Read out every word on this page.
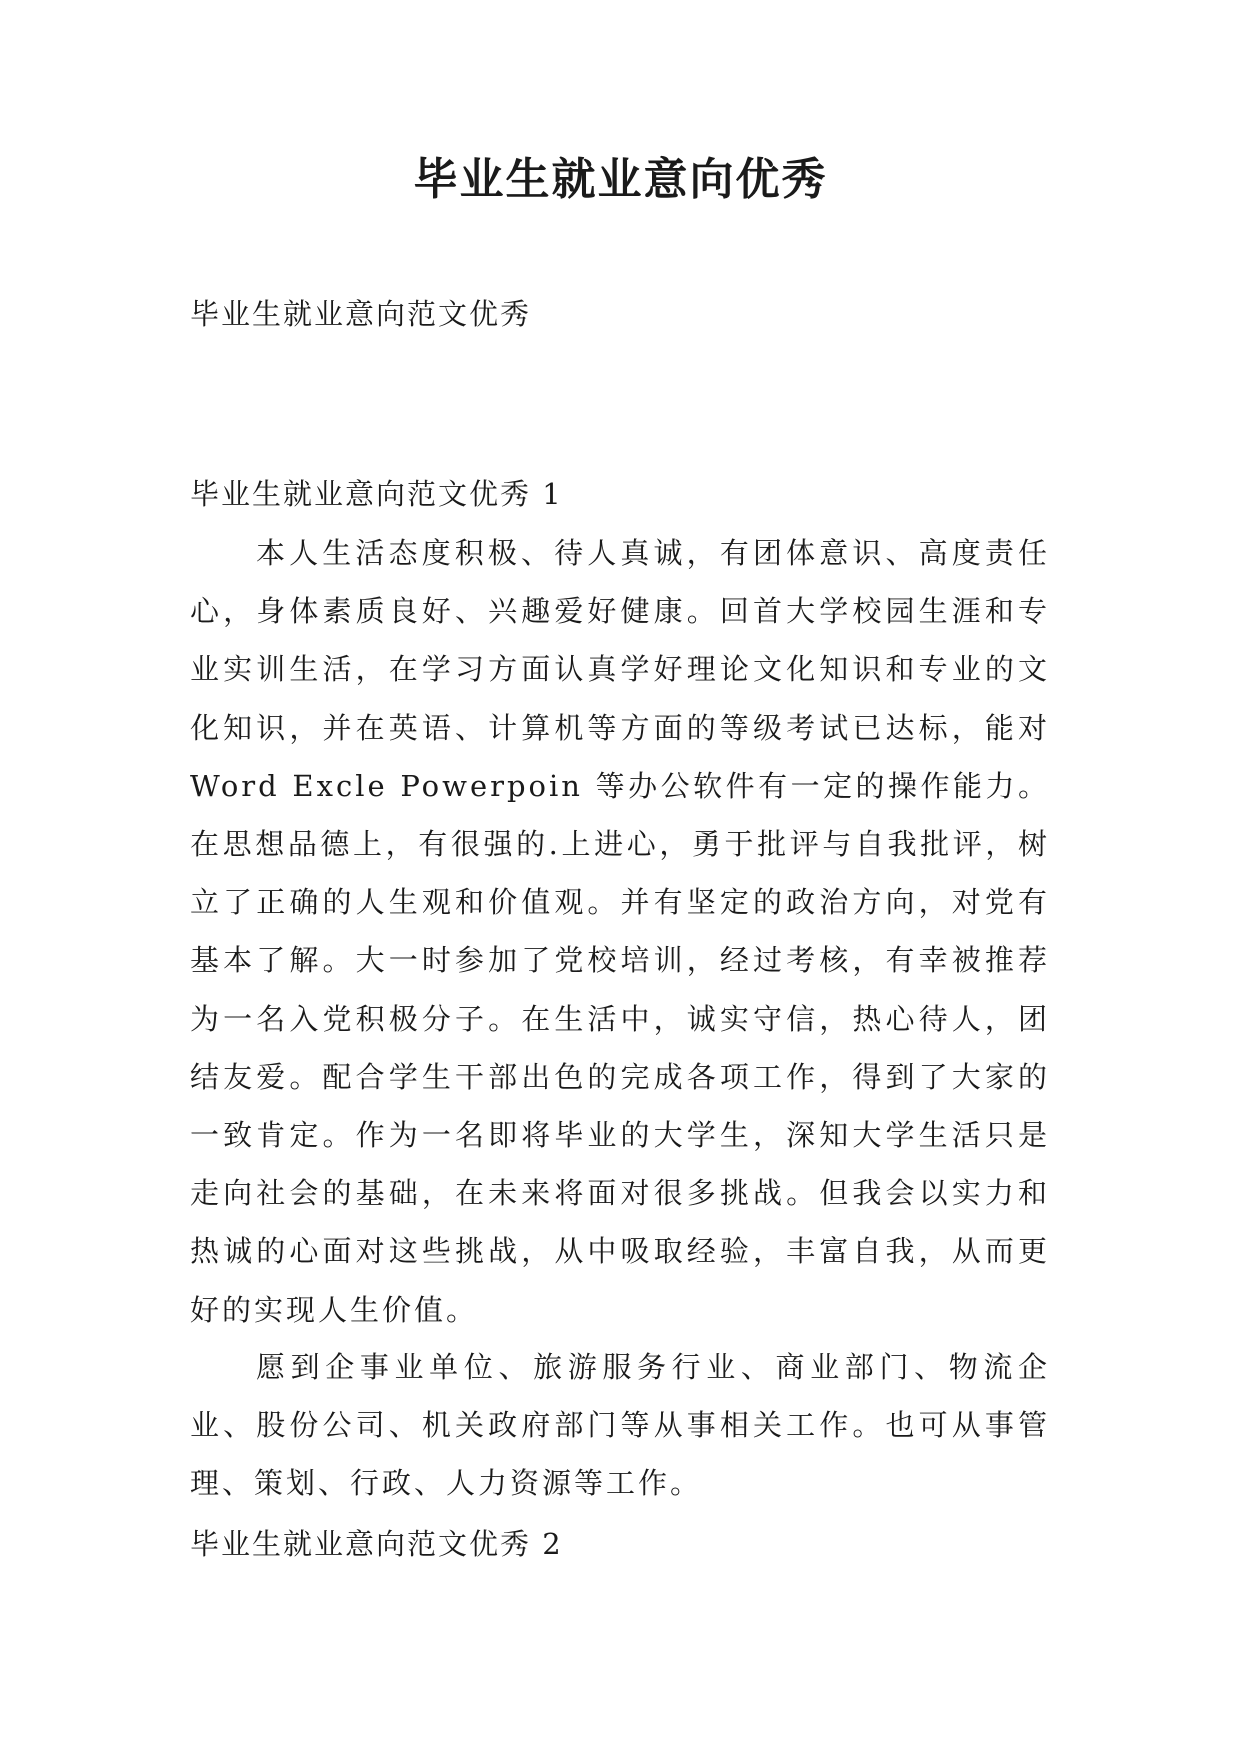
毕业生就业意向优秀
毕业生就业意向范文优秀
毕业生就业意向范文优秀 1

本人生活态度积极、待人真诚，有团体意识、高度责任心，身体素质良好、兴趣爱好健康。回首大学校园生涯和专业实训生活，在学习方面认真学好理论文化知识和专业的文化知识，并在英语、计算机等方面的等级考试已达标，能对 Word Excle Powerpoin 等办公软件有一定的操作能力。在思想品德上，有很强的.上进心，勇于批评与自我批评，树立了正确的人生观和价值观。并有坚定的政治方向，对党有基本了解。大一时参加了党校培训，经过考核，有幸被推荐为一名入党积极分子。在生活中，诚实守信，热心待人，团结友爱。配合学生干部出色的完成各项工作，得到了大家的一致肯定。作为一名即将毕业的大学生，深知大学生活只是走向社会的基础，在未来将面对很多挑战。但我会以实力和热诚的心面对这些挑战，从中吸取经验，丰富自我，从而更好的实现人生价值。

愿到企事业单位、旅游服务行业、商业部门、物流企业、股份公司、机关政府部门等从事相关工作。也可从事管理、策划、行政、人力资源等工作。

毕业生就业意向范文优秀 2
